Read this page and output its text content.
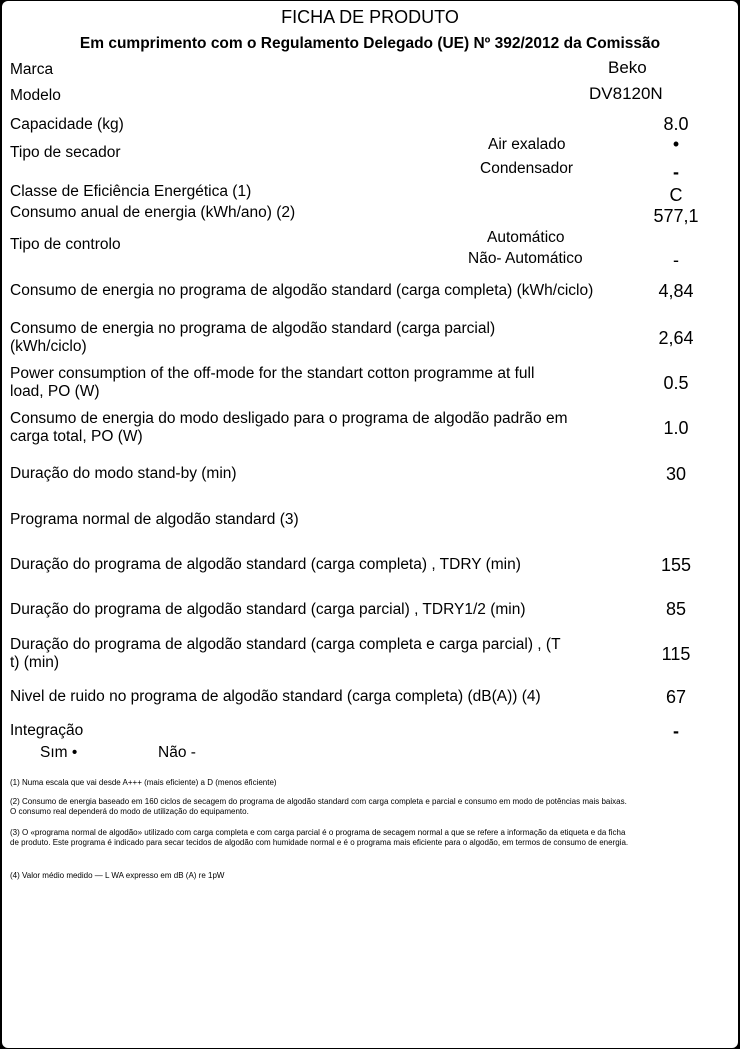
FICHA DE PRODUTO
Em cumprimento com o Regulamento Delegado (UE) Nº 392/2012 da Comissão
Marca	Beko
Modelo	DV8120N
Capacidade (kg)	8.0
Tipo de secador	Air exalado	•
Condensador	-
Classe de Eficiência Energética (1)	C
Consumo anual de energia (kWh/ano) (2)	577,1
Tipo de controlo	Automático
Não- Automático	-
Consumo de energia no programa de algodão standard (carga completa) (kWh/ciclo)	4,84
Consumo de energia no programa de algodão standard (carga parcial) (kWh/ciclo)	2,64
Power consumption of the off-mode for the standart cotton programme at full load, PO (W)	0.5
Consumo de energia do modo desligado para o programa de algodão padrão em carga total, PO (W)	1.0
Duração do modo stand-by (min)	30
Programa normal de algodão standard (3)
Duração do programa de algodão standard (carga completa) , TDRY (min)	155
Duração do programa de algodão standard (carga parcial) , TDRY1/2 (min)	85
Duração do programa de algodão standard (carga completa e carga parcial) , (T t) (min)	115
Nivel de ruido no programa de algodão standard (carga completa) (dB(A)) (4)	67
Integração	-
Sım •	Não -
(1) Numa escala que vai desde A+++ (mais eficiente) a D (menos eficiente)
(2) Consumo de energia baseado em 160 ciclos de secagem do programa de algodão standard com carga completa e parcial e consumo em modo de potências mais baixas. O consumo real dependerá do modo de utilização do equipamento.
(3) O «programa normal de algodão» utilizado com carga completa e com carga parcial é o programa de secagem normal a que se refere a informação da etiqueta e da ficha de produto. Este programa é indicado para secar tecidos de algodão com humidade normal e é o programa mais eficiente para o algodão, em termos de consumo de energia.
(4) Valor médio medido — L WA expresso em dB (A) re 1pW
